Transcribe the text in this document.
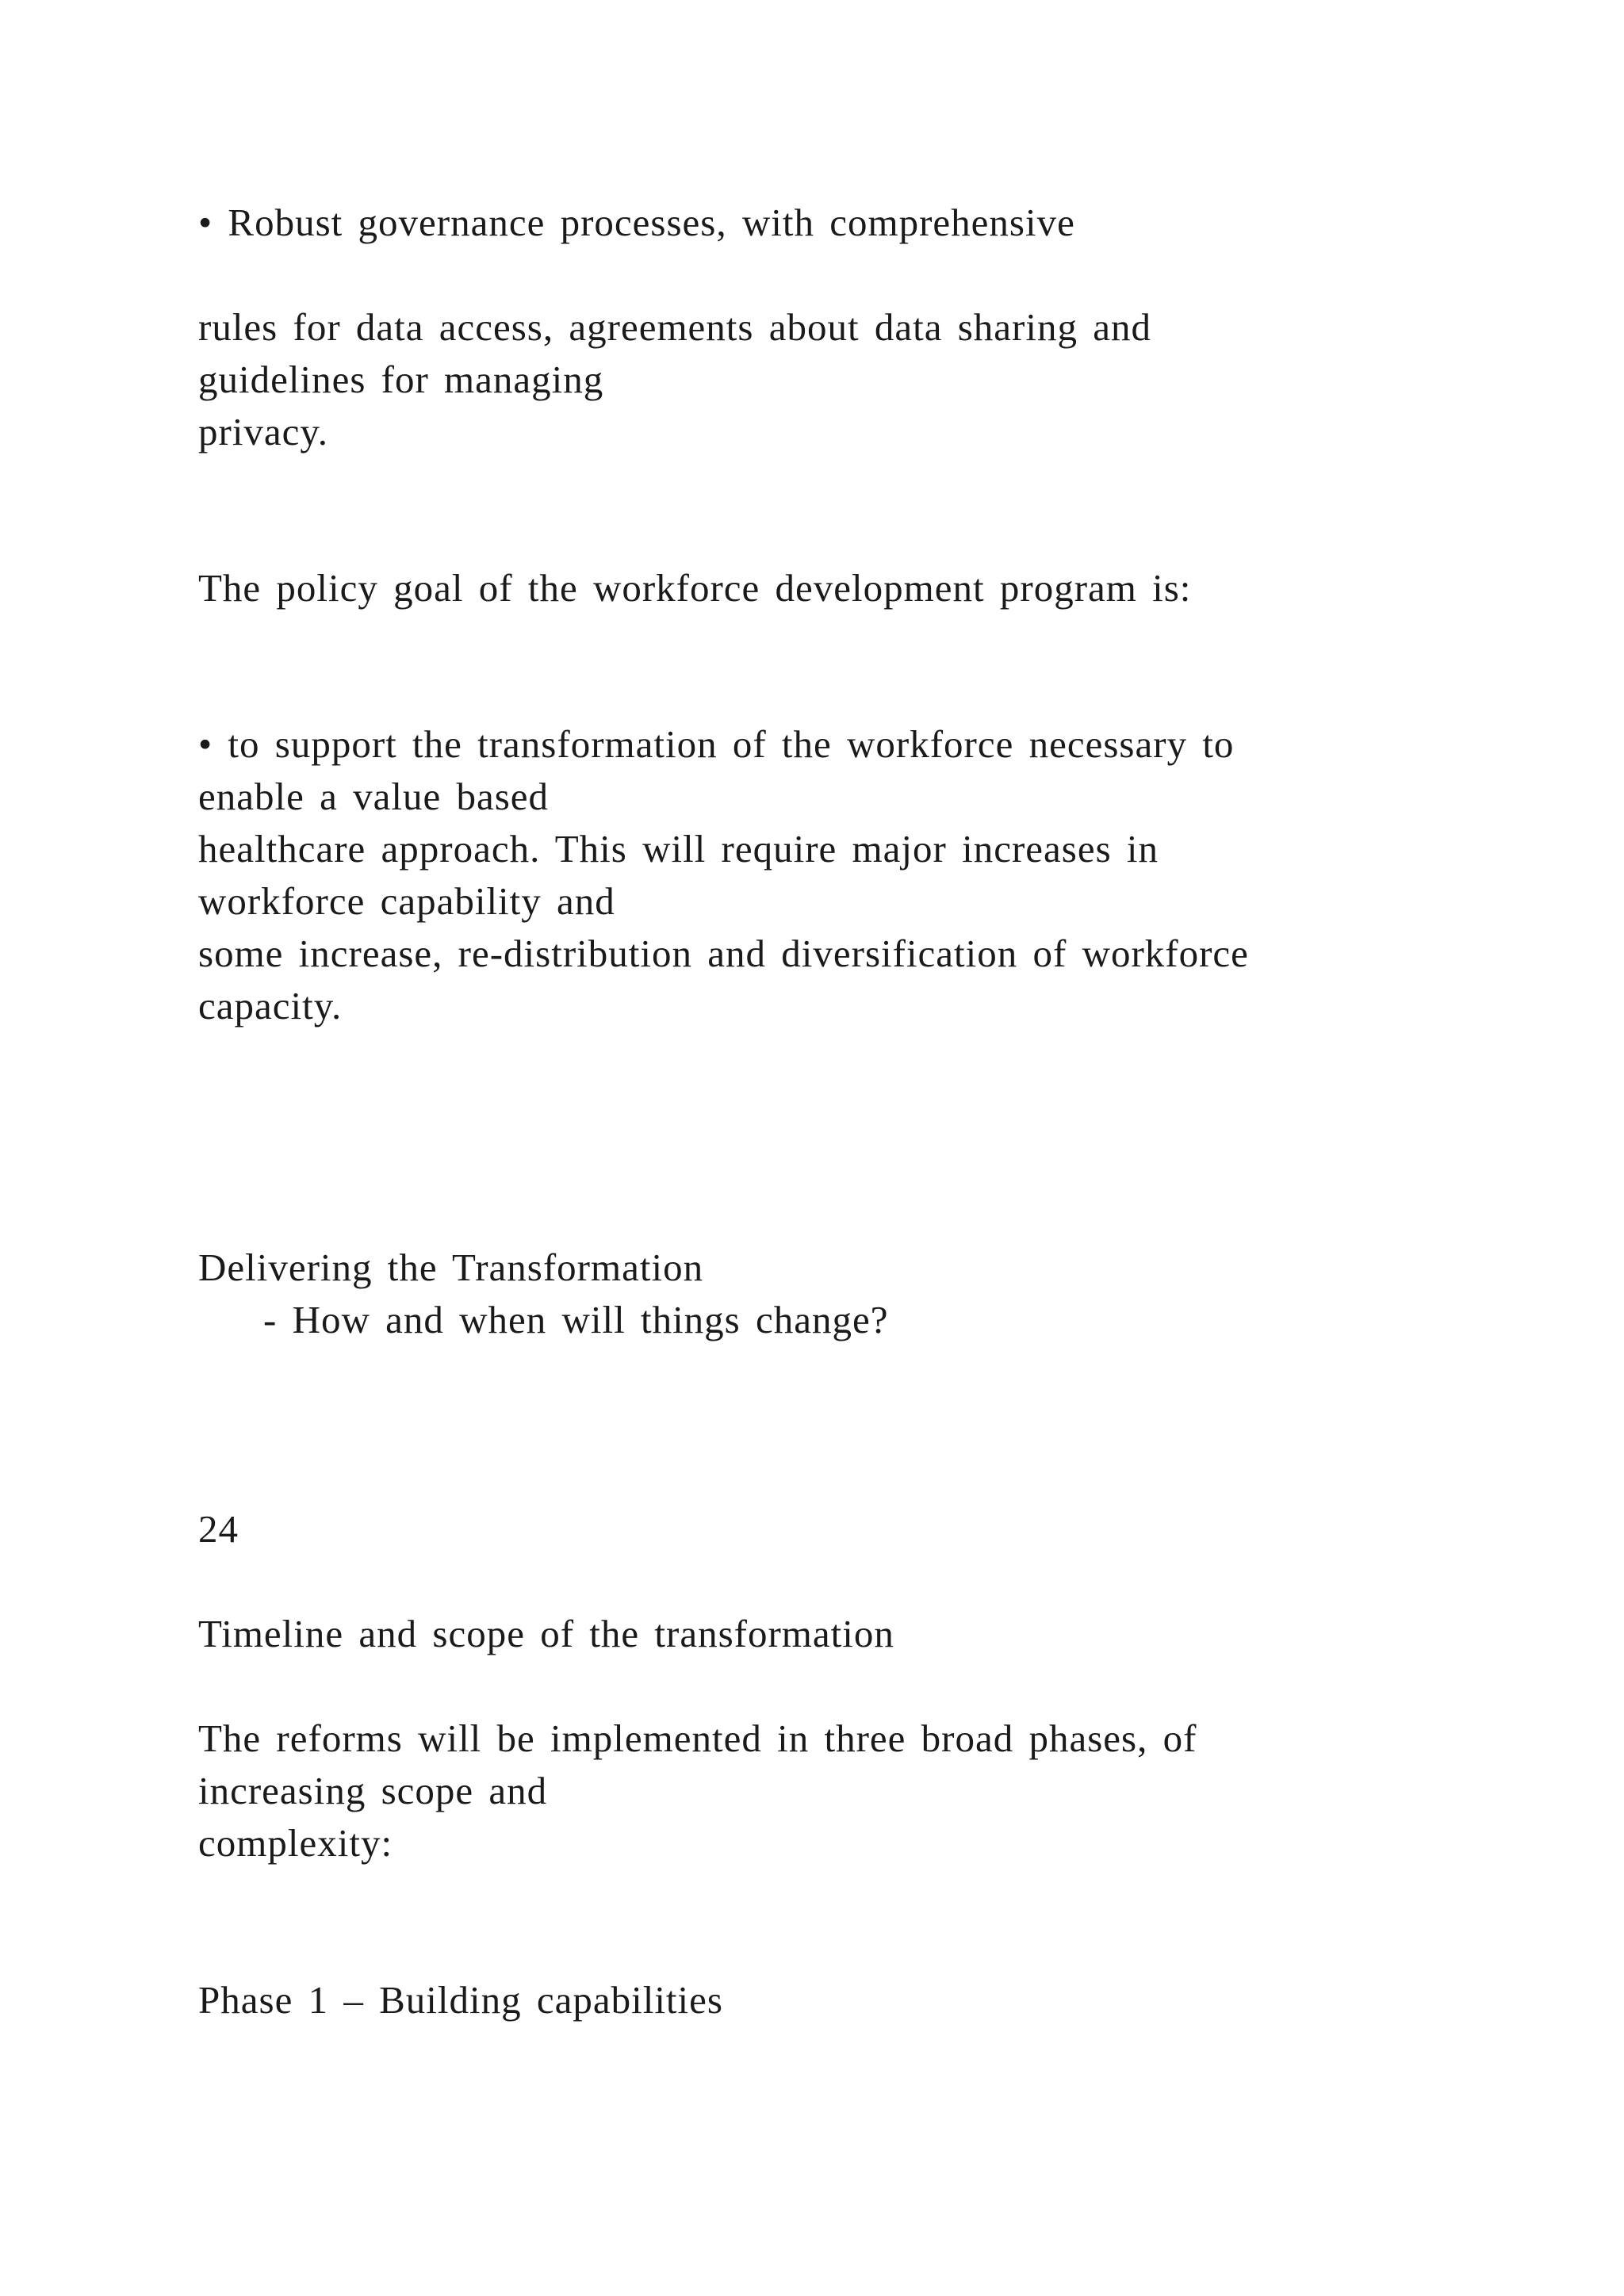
• Robust governance processes, with comprehensive

rules for data access, agreements about data sharing and

guidelines for managing

privacy.

The policy goal of the workforce development program is:

• to support the transformation of the workforce necessary to

enable a value based

healthcare approach. This will require major increases in

workforce capability and

some increase, re-distribution and diversification of workforce

capacity.

Delivering the Transformation

- How and when will things change?

24

Timeline and scope of the transformation

The reforms will be implemented in three broad phases, of

increasing scope and

complexity:

Phase 1 – Building capabilities
